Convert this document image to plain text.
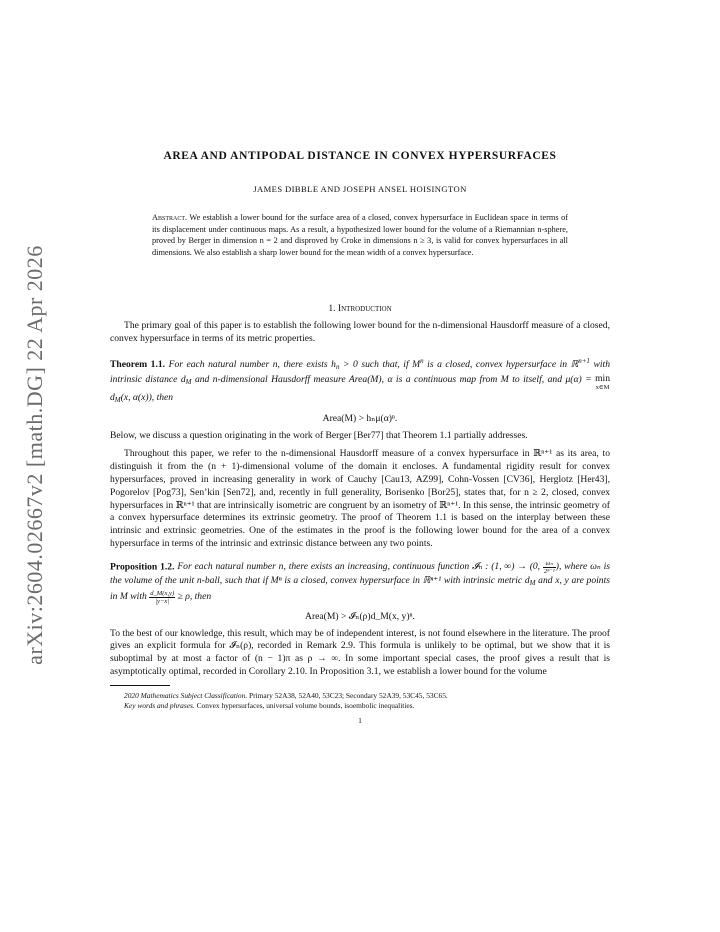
arXiv:2604.02667v2 [math.DG] 22 Apr 2026
AREA AND ANTIPODAL DISTANCE IN CONVEX HYPERSURFACES
JAMES DIBBLE AND JOSEPH ANSEL HOISINGTON
Abstract. We establish a lower bound for the surface area of a closed, convex hypersurface in Euclidean space in terms of its displacement under continuous maps. As a result, a hypothesized lower bound for the volume of a Riemannian n-sphere, proved by Berger in dimension n = 2 and disproved by Croke in dimensions n ≥ 3, is valid for convex hypersurfaces in all dimensions. We also establish a sharp lower bound for the mean width of a convex hypersurface.
1. Introduction

The primary goal of this paper is to establish the following lower bound for the n-dimensional Hausdorff measure of a closed, convex hypersurface in terms of its metric properties.

Theorem 1.1. For each natural number n, there exists $h_n > 0$ such that, if $M^n$ is a closed, convex hypersurface in ℝ$^{n+1}$ with intrinsic distance $d_M$ and n-dimensional Hausdorff measure Area(M), α is a continuous map from M to itself, and μ(α) = min
x∈M
$d_M(x$, α(x)), then
Area(M) > hₙμ(α)ⁿ.

Below, we discuss a question originating in the work of Berger [Ber77] that Theorem 1.1 partially addresses.

Throughout this paper, we refer to the n-dimensional Hausdorff measure of a convex hypersurface in ℝⁿ⁺¹ as its area, to distinguish it from the (n + 1)-dimensional volume of the domain it encloses. A fundamental rigidity result for convex hypersurfaces, proved in increasing generality in work of Cauchy [Cau13, AZ99], Cohn-Vossen [CV36], Herglotz [Her43], Pogorelov [Pog73], Sen’kin [Sen72], and, recently in full generality, Borisenko [Bor25], states that, for n ≥ 2, closed, convex hypersurfaces in ℝⁿ⁺¹ that are intrinsically isometric are congruent by an isometry of ℝⁿ⁺¹. In this sense, the intrinsic geometry of a convex hypersurface determines its extrinsic geometry. The proof of Theorem 1.1 is based on the interplay between these intrinsic and extrinsic geometries. One of the estimates in the proof is the following lower bound for the area of a convex hypersurface in terms of the intrinsic and extrinsic distance between any two points.

Proposition 1.2. For each natural number n, there exists an increasing, continuous function 𝓘ₙ : (1, ∞) → (0, $\frac{\text{ωₙ}}{\text{2ⁿ⁻¹}}$ ), where ωₙ is the volume of the unit n-ball, such that if Mⁿ is a closed, convex hypersurface in ℝⁿ⁺¹ with intrinsic metric $d_M$ and x, y are points in M with $\frac{d\_M(x,y)}{|y-x|} \ge \rho$, then
Area(M) > 𝓘ₙ(ρ)d_M(x, y)ⁿ.

To the best of our knowledge, this result, which may be of independent interest, is not found elsewhere in the literature. The proof gives an explicit formula for 𝓘ₙ(ρ), recorded in Remark 2.9. This formula is unlikely to be optimal, but we show that it is suboptimal by at most a factor of (n − 1)π as ρ → ∞. In some important special cases, the proof gives a result that is asymptotically optimal, recorded in Corollary 2.10. In Proposition 3.1, we establish a lower bound for the volume

2020 Mathematics Subject Classification. Primary 52A38, 52A40, 53C23; Secondary 52A39, 53C45, 53C65.
Key words and phrases. Convex hypersurfaces, universal volume bounds, isoembolic inequalities.
1
